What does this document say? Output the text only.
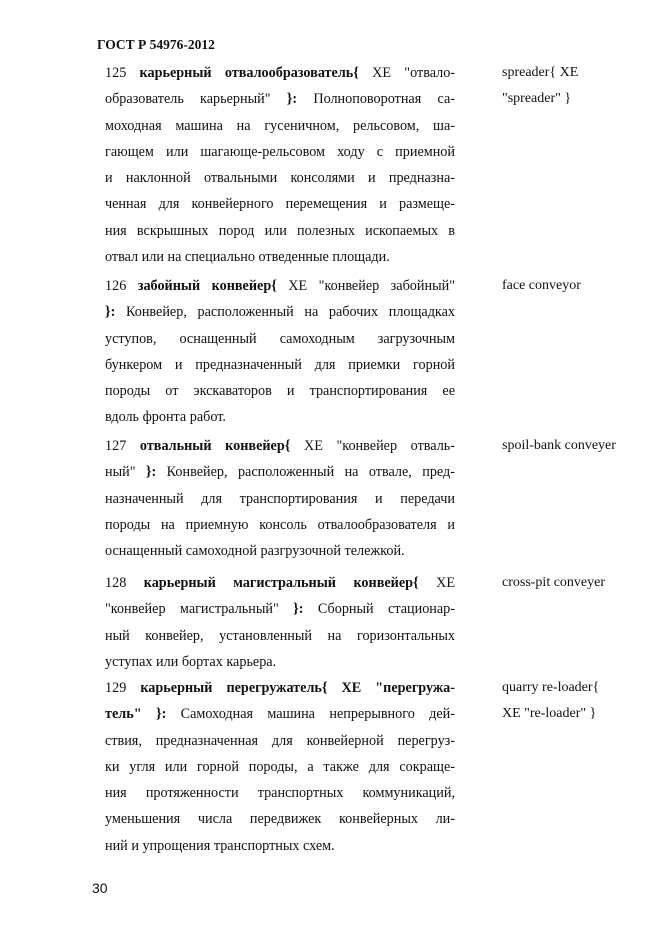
ГОСТ Р 54976-2012
125 карьерный отвалообразователь{ XE "отвало-
образователь карьерный" }: Полноповоротная са-
моходная машина на гусеничном, рельсовом, ша-
гающем или шагающе-рельсовом ходу с приемной
и наклонной отвальными консолями и предназна-
ченная для конвейерного перемещения и размеще-
ния вскрышных пород или полезных ископаемых в
отвал или на специально отведенные площади.
spreader{ XE
"spreader" }
126 забойный конвейер{ XE "конвейер забойный"
}: Конвейер, расположенный на рабочих площадках
уступов, оснащенный самоходным загрузочным
бункером и предназначенный для приемки горной
породы от экскаваторов и транспортирования ее
вдоль фронта работ.
face conveyor
127 отвальный конвейер{ XE "конвейер отваль-
ный" }: Конвейер, расположенный на отвале, пред-
назначенный для транспортирования и передачи
породы на приемную консоль отвалообразователя и
оснащенный самоходной разгрузочной тележкой.
spoil-bank conveyer
128 карьерный магистральный конвейер{ XE
"конвейер магистральный" }: Сборный стационар-
ный конвейер, установленный на горизонтальных
уступах или бортах карьера.
cross-pit conveyer
129 карьерный перегружатель{ XE "перегружа-
тель" }: Самоходная машина непрерывного дей-
ствия, предназначенная для конвейерной перегруз-
ки угля или горной породы, а также для сокраще-
ния протяженности транспортных коммуникаций,
уменьшения числа передвижек конвейерных ли-
ний и упрощения транспортных схем.
quarry re-loader{
XE "re-loader" }
30
